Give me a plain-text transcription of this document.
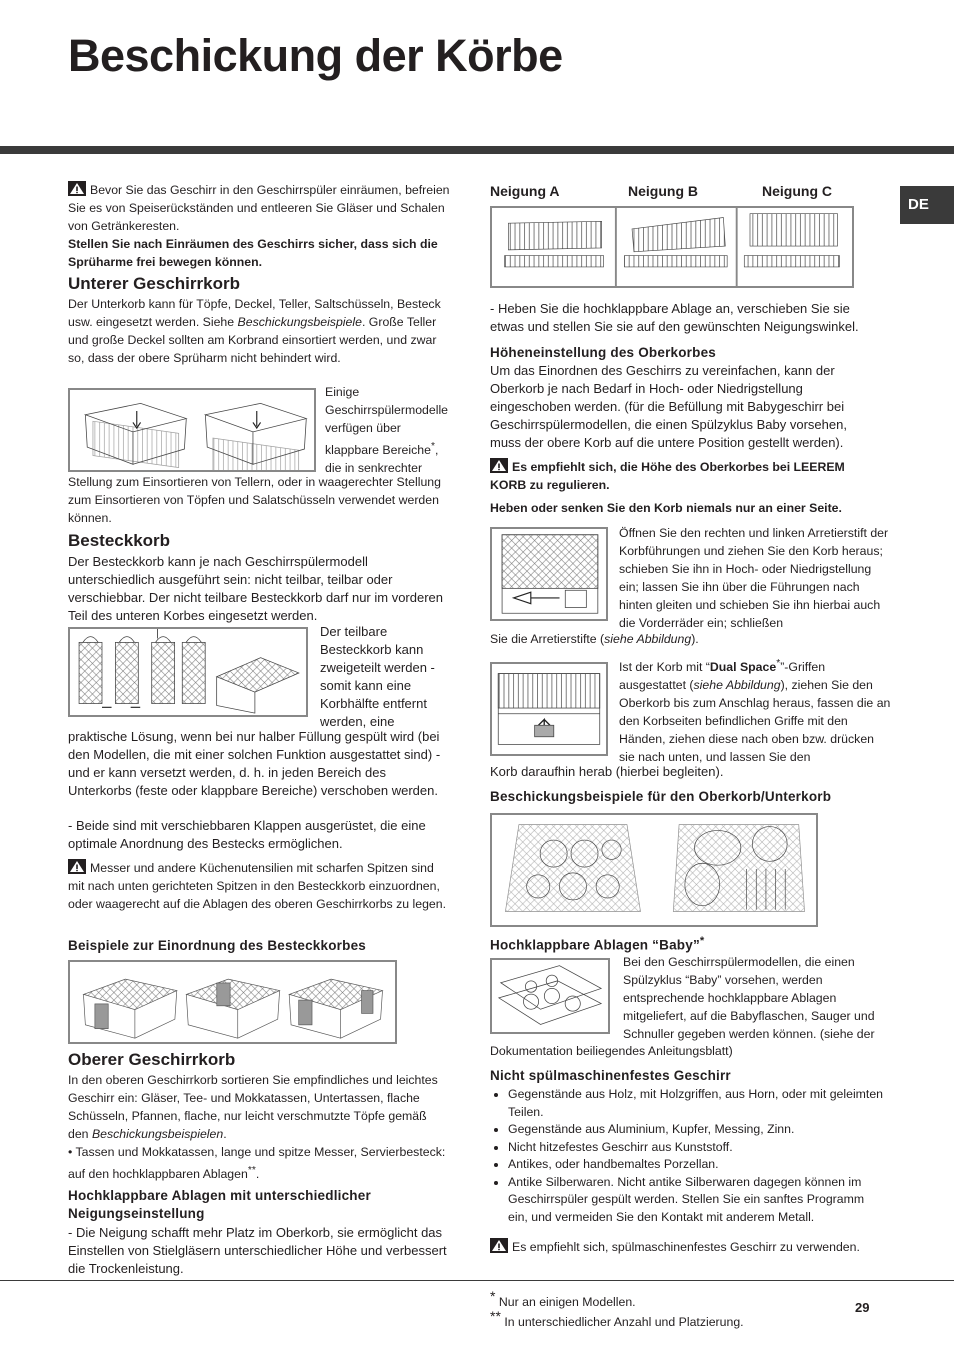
Beschickung der Körbe
DE

Bevor Sie das Geschirr in den Geschirrspüler einräumen, befreien Sie es von Speiserückständen und entleeren Sie Gläser und Schalen von Getränkeresten.
Stellen Sie nach Einräumen des Geschirrs sicher, dass sich die Sprüharme frei bewegen können.

Unterer Geschirrkorb

Der Unterkorb kann für Töpfe, Deckel, Teller, Saltschüsseln, Besteck usw. eingesetzt werden. Siehe Beschickungsbeispiele. Große Teller und große Deckel sollten am Korbrand einsortiert werden, und zwar so, dass der obere Sprüharm nicht behindert wird.

Einige Geschirrspülermodelle verfügen über klappbare Bereiche*, die in senkrechter

Stellung zum Einsortieren von Tellern, oder in waagerechter Stellung zum Einsortieren von Töpfen und Salatschüsseln verwendet werden können.

Besteckkorb

Der Besteckkorb kann je nach Geschirrspülermodell unterschiedlich ausgeführt sein: nicht teilbar, teilbar oder verschiebbar. Der nicht teilbare Besteckkorb darf nur im vorderen Teil des unteren Korbes eingesetzt werden.

Der teilbare Besteckkorb kann zweigeteilt werden - somit kann eine Korbhälfte entfernt werden, eine

praktische Lösung, wenn bei nur halber Füllung gespült wird (bei den Modellen, die mit einer solchen Funktion ausgestattet sind) - und er kann versetzt werden, d. h. in jeden Bereich des Unterkorbs (feste oder klappbare Bereiche) verschoben werden.

- Beide sind mit verschiebbaren Klappen ausgerüstet, die eine optimale Anordnung des Bestecks ermöglichen.

Messer und andere Küchenutensilien mit scharfen Spitzen sind mit nach unten gerichteten Spitzen in den Besteckkorb einzuordnen, oder waagerecht auf die Ablagen des oberen Geschirrkorbs zu legen.

Beispiele zur Einordnung des Besteckkorbes
Oberer Geschirrkorb

In den oberen Geschirrkorb sortieren Sie empfindliches und leichtes Geschirr ein: Gläser, Tee- und Mokkatassen, Untertassen, flache Schüsseln, Pfannen, flache, nur leicht verschmutzte Töpfe gemäß den Beschickungsbeispielen.
• Tassen und Mokkatassen, lange und spitze Messer, Servierbesteck: auf den hochklappbaren Ablagen**.

Hochklappbare Ablagen mit unterschiedlicher Neigungseinstellung

- Die Neigung schafft mehr Platz im Oberkorb, sie ermöglicht das Einstellen von Stielgläsern unterschiedlicher Höhe und verbessert die Trockenleistung.

Neigung A	Neigung B	Neigung C

- Heben Sie die hochklappbare Ablage an, verschieben Sie sie etwas und stellen Sie sie auf den gewünschten Neigungswinkel.

Höheneinstellung des Oberkorbes

Um das Einordnen des Geschirrs zu vereinfachen, kann der Oberkorb je nach Bedarf in Hoch- oder Niedrigstellung eingeschoben werden. (für die Befüllung mit Babygeschirr bei Geschirrspülermodellen, die einen Spülzyklus Baby vorsehen, muss der obere Korb auf die untere Position gestellt werden).

Es empfiehlt sich, die Höhe des Oberkorbes bei LEEREM KORB zu regulieren.

Heben oder senken Sie den Korb niemals nur an einer Seite.

Öffnen Sie den rechten und linken Arretierstift der Korbführungen und ziehen Sie den Korb heraus; schieben Sie ihn in Hoch- oder Niedrigstellung ein; lassen Sie ihn über die Führungen nach hinten gleiten und schieben Sie ihn hierbai auch die Vorderräder ein; schließen

Sie die Arretierstifte (siehe Abbildung).

Ist der Korb mit “Dual Space*”-Griffen ausgestattet (siehe Abbildung), ziehen Sie den Oberkorb bis zum Anschlag heraus, fassen die an den Korbseiten befindlichen Griffe mit den Händen, ziehen diese nach oben bzw. drücken sie nach unten, und lassen Sie den

Korb daraufhin herab (hierbei begleiten).

Beschickungsbeispiele für den Oberkorb/Unterkorb
Hochklappbare Ablagen “Baby”*

Bei den Geschirrspülermodellen, die einen Spülzyklus “Baby” vorsehen, werden entsprechende hochklappbare Ablagen mitgeliefert, auf die Babyflaschen, Sauger und Schnuller gegeben werden können. (siehe der

Dokumentation beiliegendes Anleitungsblatt)

Nicht spülmaschinenfestes Geschirr
• Gegenstände aus Holz, mit Holzgriffen, aus Horn, oder mit geleimten Teilen.
• Gegenstände aus Aluminium, Kupfer, Messing, Zinn.
• Nicht hitzefestes Geschirr aus Kunststoff.
• Antikes, oder handbemaltes Porzellan.
• Antike Silberwaren. Nicht antike Silberwaren dagegen können im Geschirrspüler gespült werden. Stellen Sie ein sanftes Programm ein, und vermeiden Sie den Kontakt mit anderem Metall.

Es empfiehlt sich, spülmaschinenfestes Geschirr zu verwenden.

* Nur an einigen Modellen.
** In unterschiedlicher Anzahl und Platzierung.
29
